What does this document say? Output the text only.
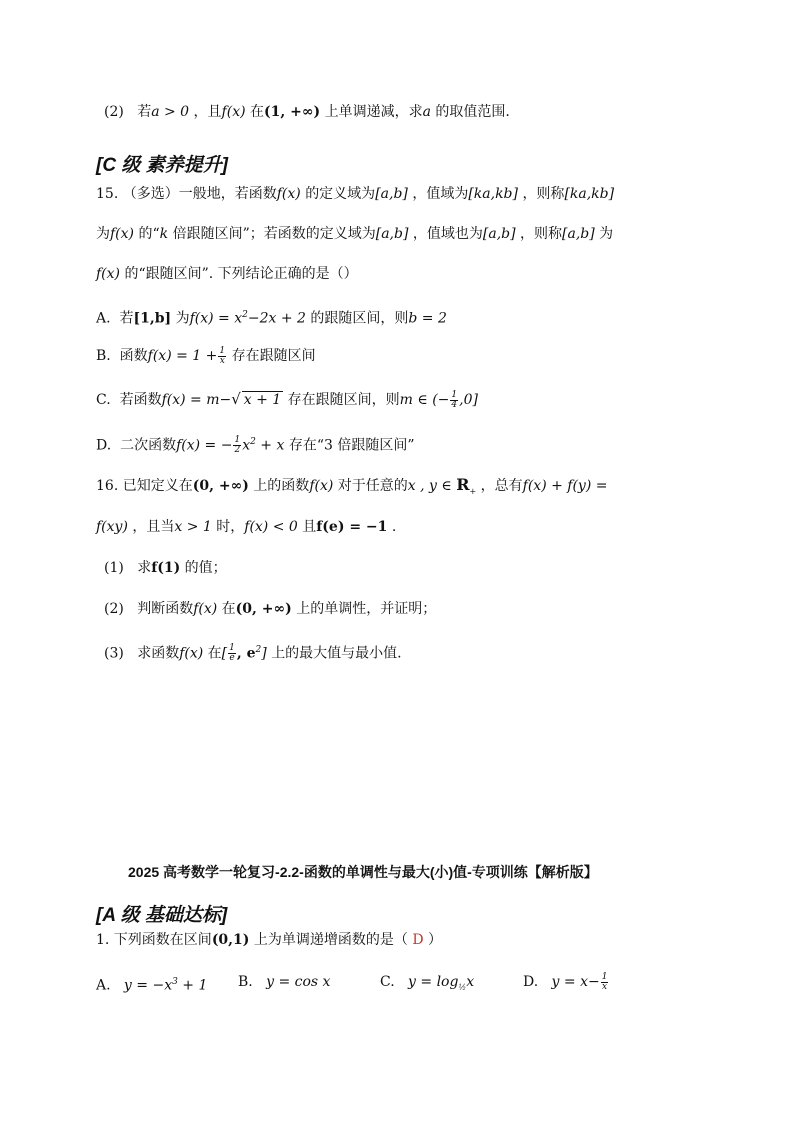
(2) 若a > 0 ，且f(x) 在(1, +∞) 上单调递减，求a 的取值范围.
[C 级 素养提升]
15. （多选）一般地，若函数f(x) 的定义域为[a,b] ，值域为[ka,kb] ，则称[ka,kb]
为f(x) 的“k 倍跟随区间”；若函数的定义域为[a,b] ，值域也为[a,b] ，则称[a,b] 为
f(x) 的“跟随区间”. 下列结论正确的是（）
A. 若[1,b] 为$f(x) = x^2-2x + 2$ 的跟随区间，则b = 2
B. 函数$f(x) = 1 + \frac{1}{x}$ 存在跟随区间
C. 若函数f(x) = m−√ x + 1 存在跟随区间，则m ∈ (− $\frac{1}{4} ,0$]
D. 二次函数f(x) = − $\frac{1}{2} x^2 + x$ 存在“3 倍跟随区间”
16. 已知定义在(0, +∞) 上的函数f(x) 对于任意的x , y ∈ $R_+$ ，总有f(x) + f(y) =
f(xy) ，且当x > 1 时，f(x) < 0 且f(e) = −1 .
(1) 求f(1) 的值；
(2) 判断函数f(x) 在(0, +∞) 上的单调性，并证明；
(3) 求函数f(x) 在[ $\frac{1}{e}$ , $e^2$] 上的最大值与最小值.
2025 高考数学一轮复习-2.2-函数的单调性与最大(小)值-专项训练【解析版】
[A 级 基础达标]
1. 下列函数在区间(0,1) 上为单调递增函数的是（ D ）
A. $y = -x^3 + 1$ B. y = cos x	C. $y = \log_{\frac{1}{2}}x$	D. $y = x- \frac{1}{x}$
